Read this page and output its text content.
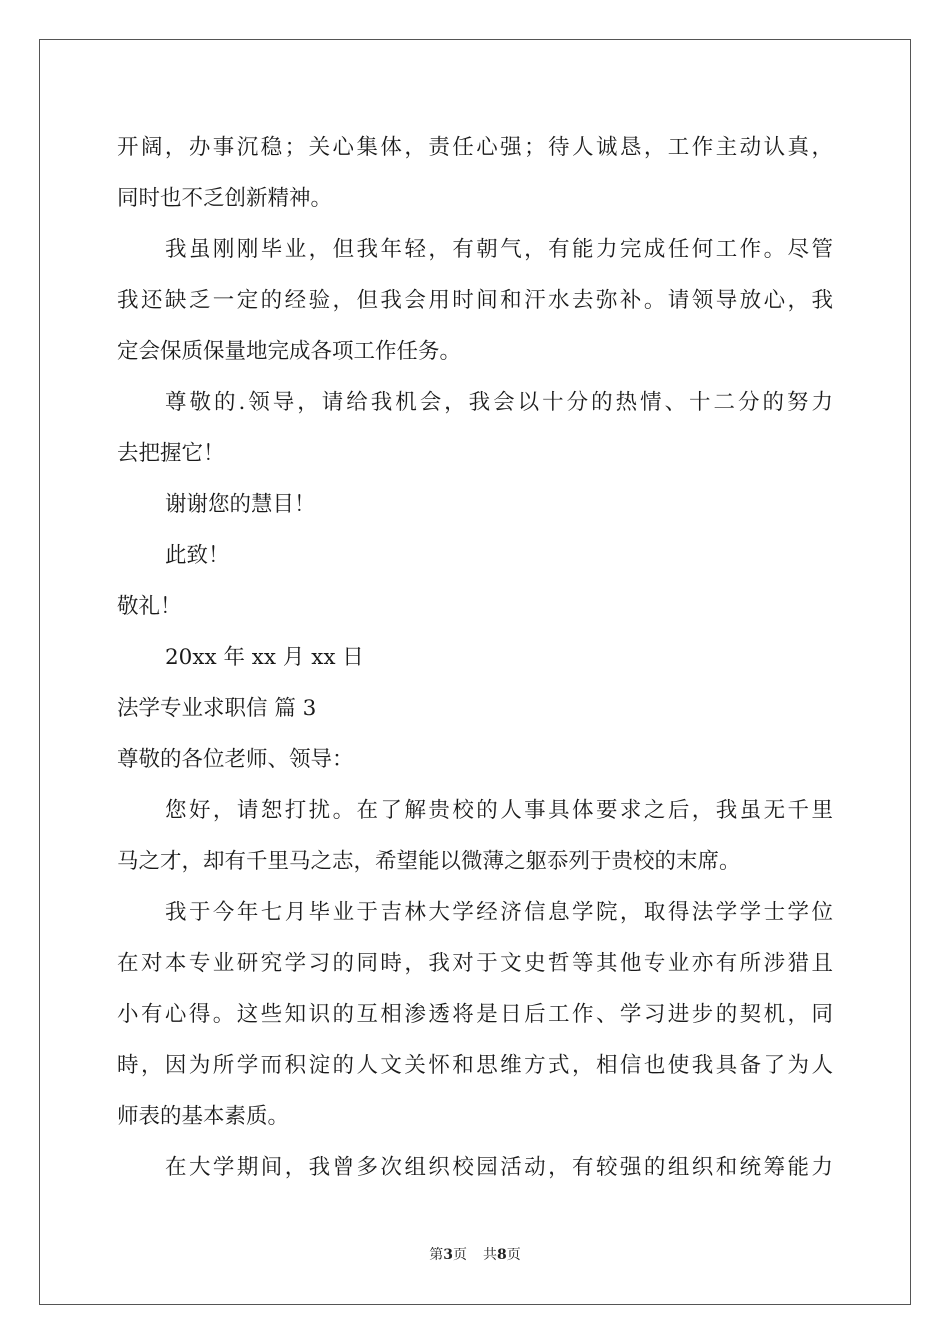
开阔，办事沉稳；关心集体，责任心强；待人诚恳，工作主动认真，
同时也不乏创新精神。
我虽刚刚毕业，但我年轻，有朝气，有能力完成任何工作。尽管
我还缺乏一定的经验，但我会用时间和汗水去弥补。请领导放心，我
定会保质保量地完成各项工作任务。
尊敬的.领导，请给我机会，我会以十分的热情、十二分的努力
去把握它！
谢谢您的慧目！
此致！
敬礼！
20xx 年 xx 月 xx 日
法学专业求职信 篇 3
尊敬的各位老师、领导：
您好，请恕打扰。在了解贵校的人事具体要求之后，我虽无千里
马之才，却有千里马之志，希望能以微薄之躯忝列于贵校的末席。
我于今年七月毕业于吉林大学经济信息学院，取得法学学士学位
在对本专业研究学习的同時，我对于文史哲等其他专业亦有所涉猎且
小有心得。这些知识的互相渗透将是日后工作、学习进步的契机，同
時，因为所学而积淀的人文关怀和思维方式，相信也使我具备了为人
师表的基本素质。
在大学期间，我曾多次组织校园活动，有较强的组织和统筹能力
第3页 共8页
